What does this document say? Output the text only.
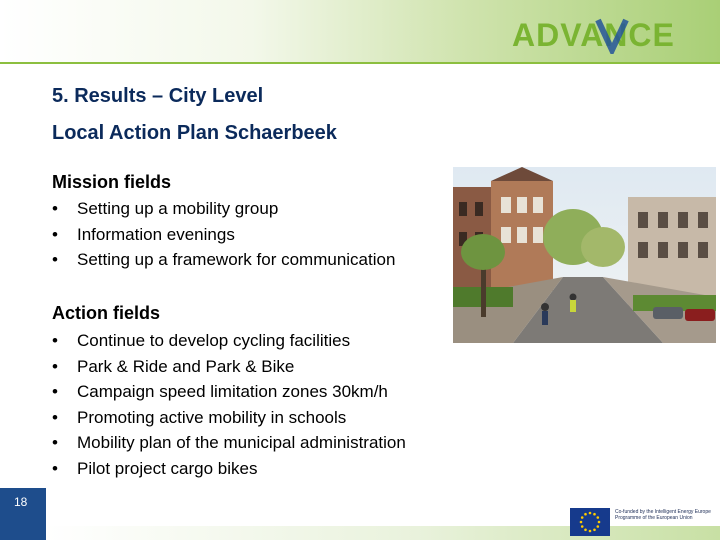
ADVANCE
5. Results – City Level
Local Action Plan Schaerbeek
Mission fields
• Setting up a mobility group
• Information evenings
• Setting up a framework for communication
Action fields
• Continue to develop cycling facilities
• Park & Ride and Park & Bike
• Campaign speed limitation zones 30km/h
• Promoting active mobility in schools
• Mobility plan of the municipal administration
• Pilot project cargo bikes
18
Co-funded by the Intelligent Energy Europe Programme of the European Union
